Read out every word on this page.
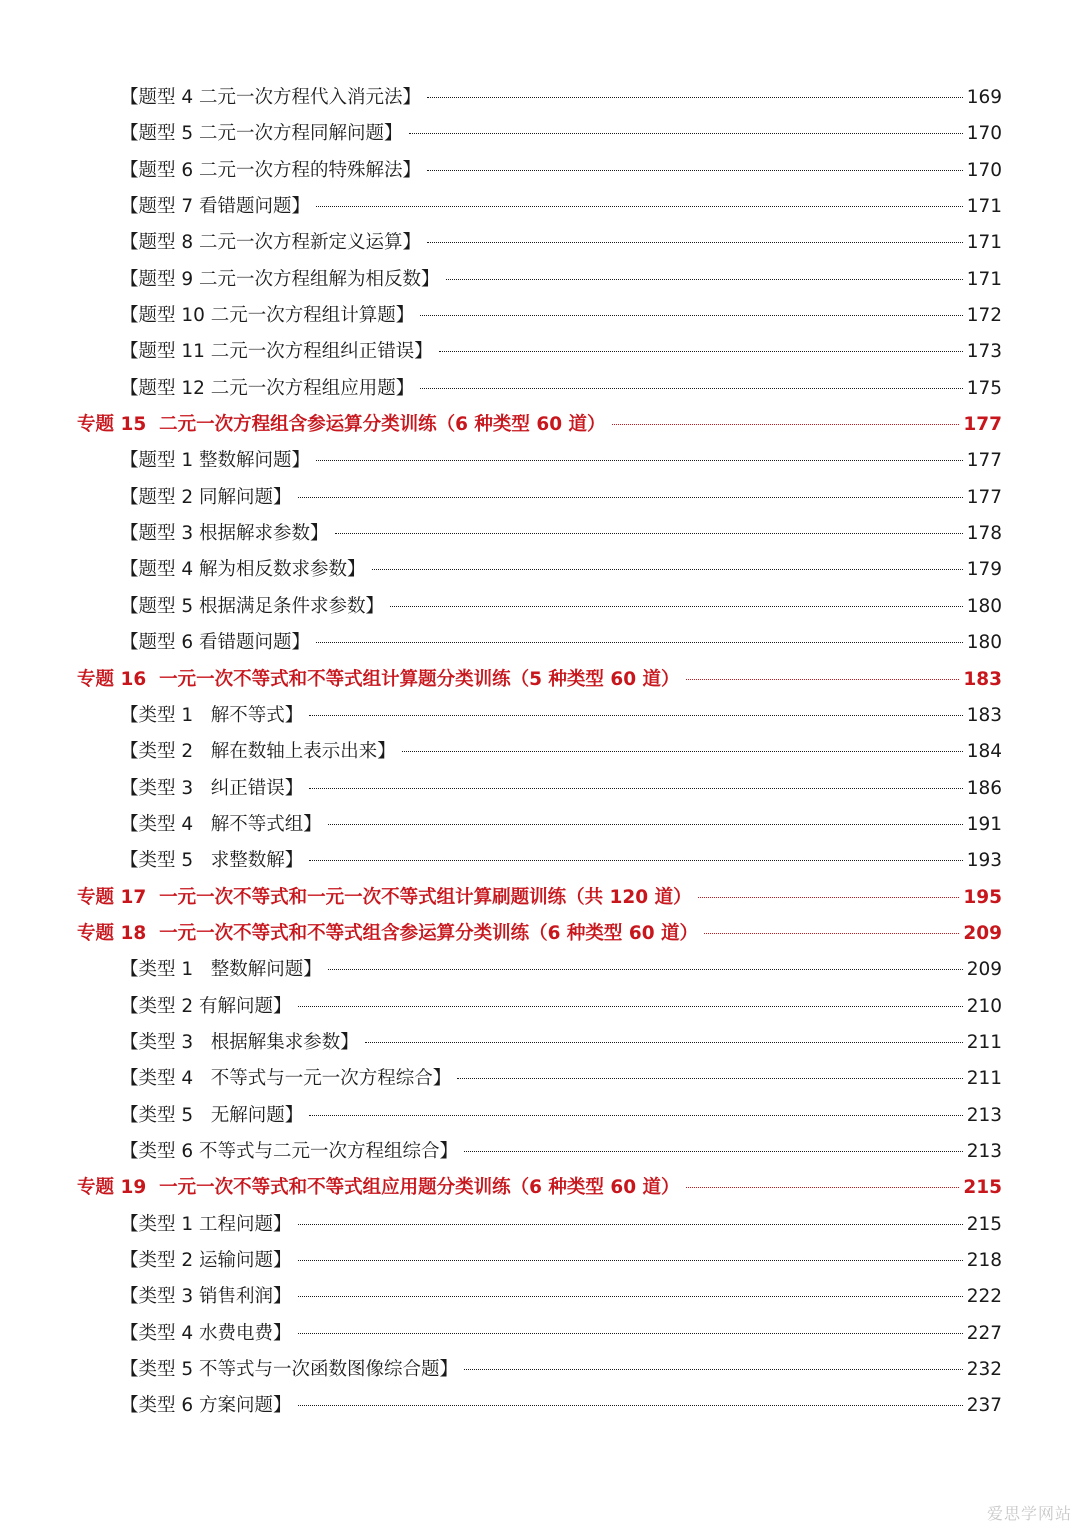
【题型 4 二元一次方程代入消元法】	169
【题型 5 二元一次方程同解问题】	170
【题型 6 二元一次方程的特殊解法】	170
【题型 7 看错题问题】	171
【题型 8 二元一次方程新定义运算】	171
【题型 9 二元一次方程组解为相反数】	171
【题型 10 二元一次方程组计算题】	172
【题型 11 二元一次方程组纠正错误】	173
【题型 12 二元一次方程组应用题】	175
专题 15  二元一次方程组含参运算分类训练（6 种类型 60 道）	177
【题型 1 整数解问题】	177
【题型 2 同解问题】	177
【题型 3 根据解求参数】	178
【题型 4 解为相反数求参数】	179
【题型 5 根据满足条件求参数】	180
【题型 6 看错题问题】	180
专题 16  一元一次不等式和不等式组计算题分类训练（5 种类型 60 道）	183
【类型 1   解不等式】	183
【类型 2   解在数轴上表示出来】	184
【类型 3   纠正错误】	186
【类型 4   解不等式组】	191
【类型 5   求整数解】	193
专题 17  一元一次不等式和一元一次不等式组计算刷题训练（共 120 道）	195
专题 18  一元一次不等式和不等式组含参运算分类训练（6 种类型 60 道）	209
【类型 1   整数解问题】	209
【类型 2 有解问题】	210
【类型 3   根据解集求参数】	211
【类型 4   不等式与一元一次方程综合】	211
【类型 5   无解问题】	213
【类型 6 不等式与二元一次方程组综合】	213
专题 19  一元一次不等式和不等式组应用题分类训练（6 种类型 60 道）	215
【类型 1 工程问题】	215
【类型 2 运输问题】	218
【类型 3 销售利润】	222
【类型 4 水费电费】	227
【类型 5 不等式与一次函数图像综合题】	232
【类型 6 方案问题】	237
爱思学网站
